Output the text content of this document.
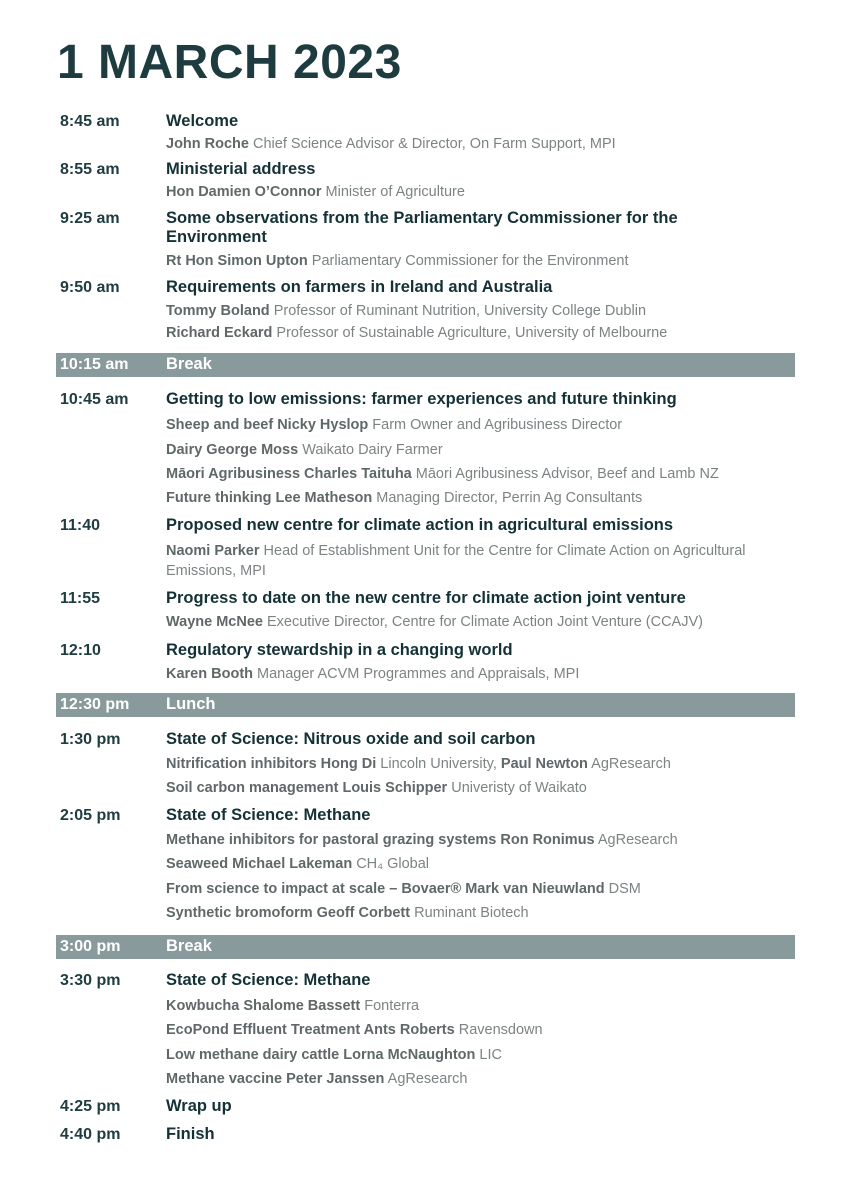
1 MARCH 2023
8:45 am	Welcome
John Roche Chief Science Advisor & Director, On Farm Support, MPI
8:55 am	Ministerial address
Hon Damien O’Connor Minister of Agriculture
9:25 am	Some observations from the Parliamentary Commissioner for the Environment
Rt Hon Simon Upton Parliamentary Commissioner for the Environment
9:50 am	Requirements on farmers in Ireland and Australia
Tommy Boland Professor of Ruminant Nutrition, University College Dublin
Richard Eckard Professor of Sustainable Agriculture, University of Melbourne
10:15 am Break
10:45 am Getting to low emissions: farmer experiences and future thinking
Sheep and beef Nicky Hyslop Farm Owner and Agribusiness Director
Dairy George Moss Waikato Dairy Farmer
Māori Agribusiness Charles Taituha Māori Agribusiness Advisor, Beef and Lamb NZ
Future thinking Lee Matheson Managing Director, Perrin Ag Consultants
11:40	Proposed new centre for climate action in agricultural emissions
Naomi Parker Head of Establishment Unit for the Centre for Climate Action on Agricultural Emissions, MPI
11:55	Progress to date on the new centre for climate action joint venture
Wayne McNee Executive Director, Centre for Climate Action Joint Venture (CCAJV)
12:10	Regulatory stewardship in a changing world
Karen Booth Manager ACVM Programmes and Appraisals, MPI
12:30 pm Lunch
1:30 pm	State of Science: Nitrous oxide and soil carbon
Nitrification inhibitors Hong Di Lincoln University, Paul Newton AgResearch
Soil carbon management Louis Schipper Univeristy of Waikato
2:05 pm	State of Science: Methane
Methane inhibitors for pastoral grazing systems Ron Ronimus AgResearch
Seaweed Michael Lakeman CH₄ Global
From science to impact at scale – Bovaer® Mark van Nieuwland DSM
Synthetic bromoform Geoff Corbett Ruminant Biotech
3:00 pm	Break
3:30 pm	State of Science: Methane
Kowbucha Shalome Bassett Fonterra
EcoPond Effluent Treatment Ants Roberts Ravensdown
Low methane dairy cattle Lorna McNaughton LIC
Methane vaccine Peter Janssen AgResearch
4:25 pm	Wrap up
4:40 pm	Finish
